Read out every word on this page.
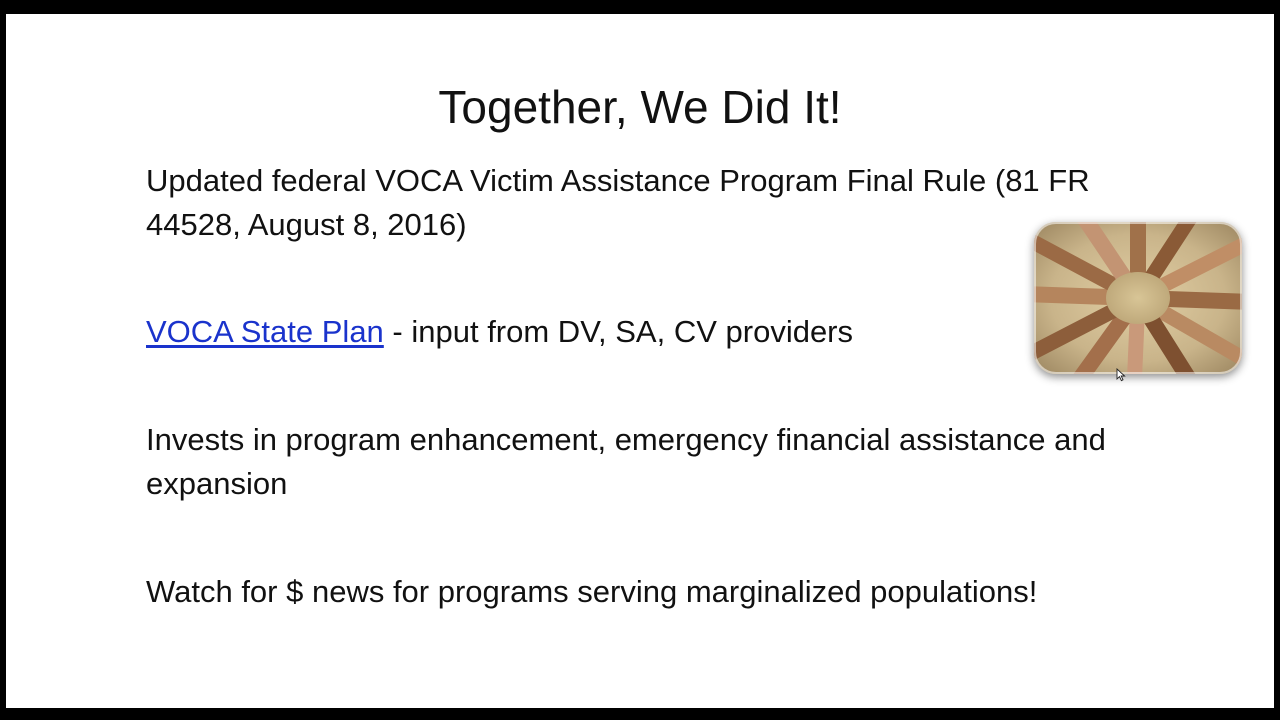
Together, We Did It!
Updated federal VOCA Victim Assistance Program Final Rule (81 FR 44528, August 8, 2016)
VOCA State Plan - input from DV, SA, CV providers
Invests in program enhancement, emergency financial assistance and expansion
Watch for $ news for programs serving marginalized populations!
